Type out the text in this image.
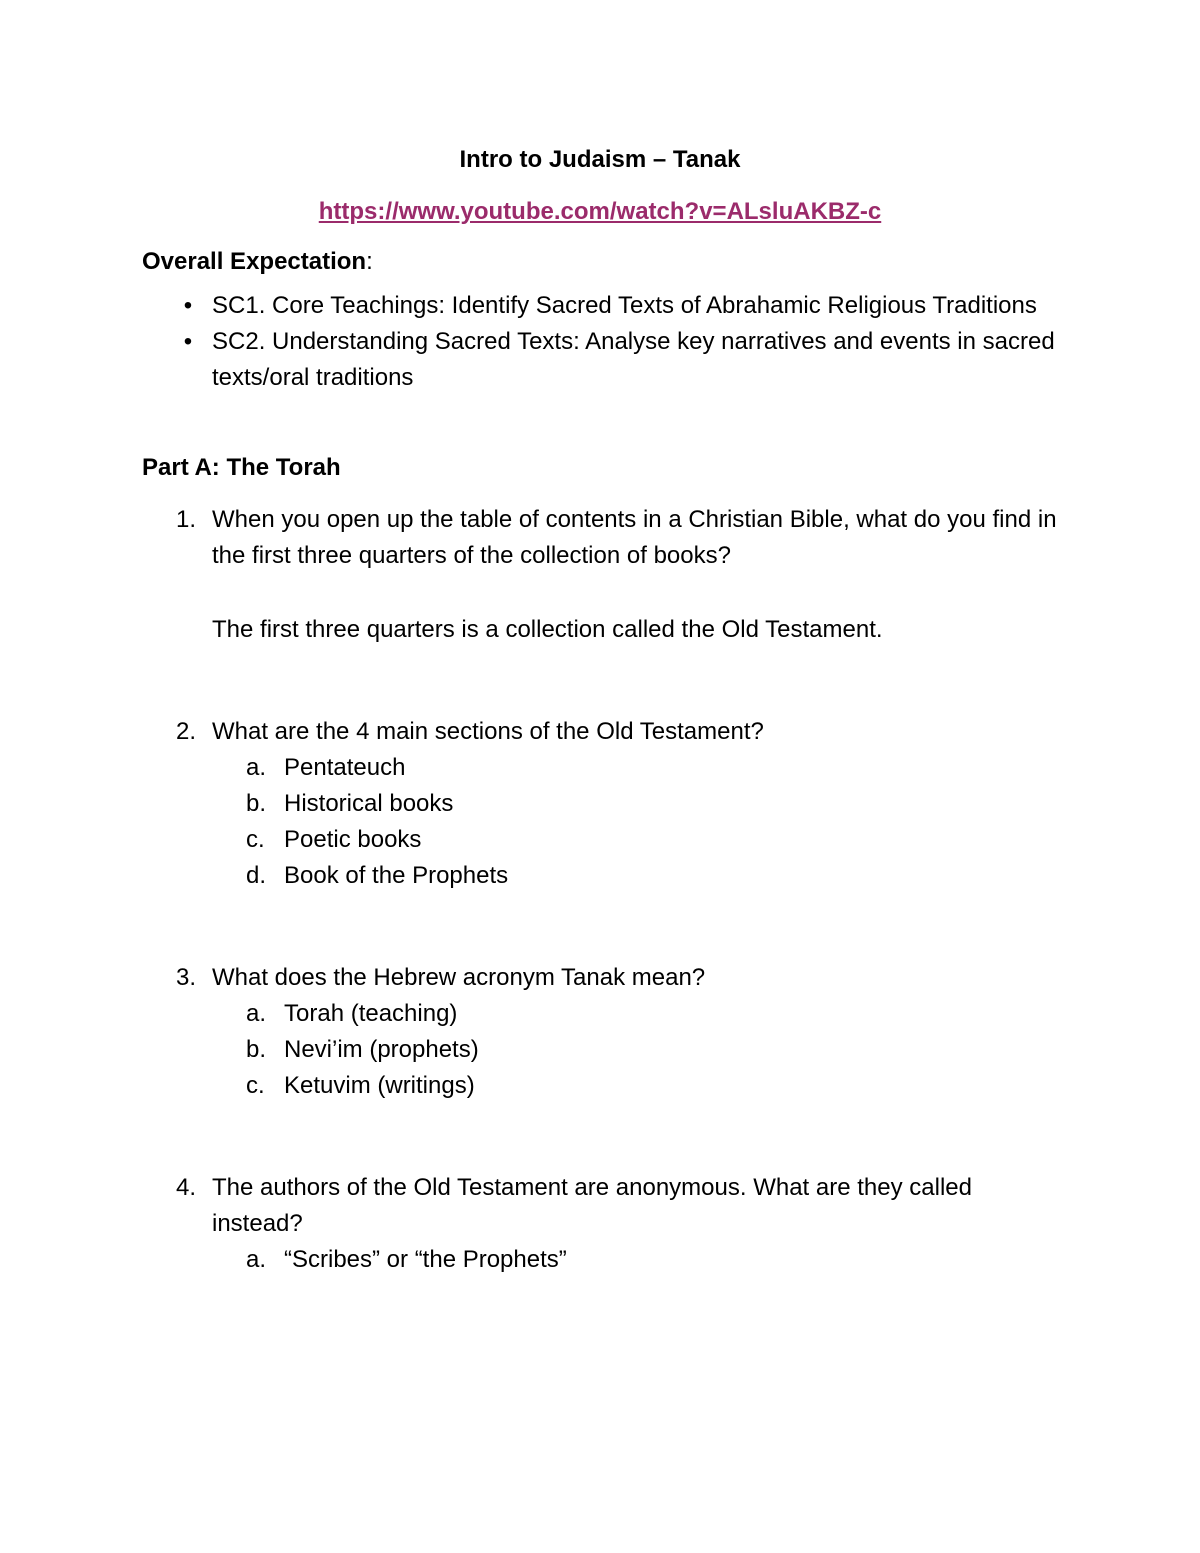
Intro to Judaism – Tanak
https://www.youtube.com/watch?v=ALsluAKBZ-c
Overall Expectation:
• SC1. Core Teachings: Identify Sacred Texts of Abrahamic Religious Traditions
• SC2. Understanding Sacred Texts: Analyse key narratives and events in sacred texts/oral traditions
Part A: The Torah
1. When you open up the table of contents in a Christian Bible, what do you find in the first three quarters of the collection of books?
The first three quarters is a collection called the Old Testament.
2. What are the 4 main sections of the Old Testament?
a. Pentateuch
b. Historical books
c. Poetic books
d. Book of the Prophets
3. What does the Hebrew acronym Tanak mean?
a. Torah (teaching)
b. Nevi’im (prophets)
c. Ketuvim (writings)
4. The authors of the Old Testament are anonymous. What are they called instead?
a. “Scribes” or “the Prophets”
